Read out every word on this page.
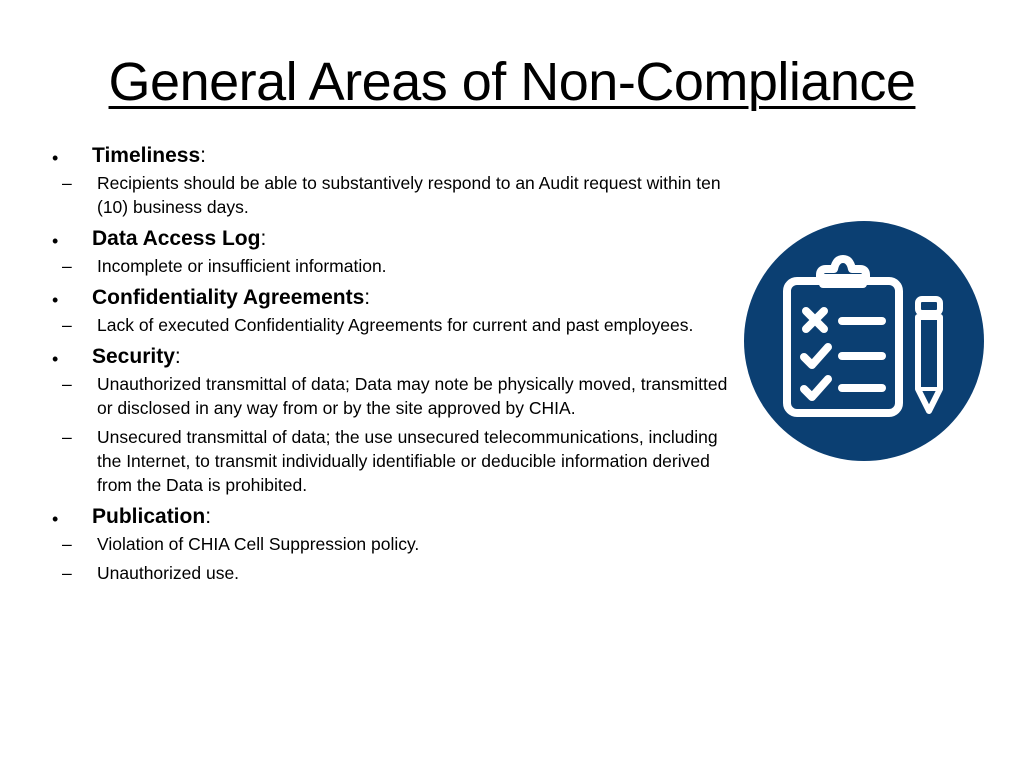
General Areas of Non-Compliance
• Timeliness:
– Recipients should be able to substantively respond to an Audit request within ten (10) business days.
• Data Access Log:
– Incomplete or insufficient information.
• Confidentiality Agreements:
– Lack of executed Confidentiality Agreements for current and past employees.
• Security:
– Unauthorized transmittal of data; Data may note be physically moved, transmitted or disclosed in any way from or by the site approved by CHIA.
– Unsecured transmittal of data; the use unsecured telecommunications, including the Internet, to transmit individually identifiable or deducible information derived from the Data is prohibited.
• Publication:
– Violation of CHIA Cell Suppression policy.
– Unauthorized use.
